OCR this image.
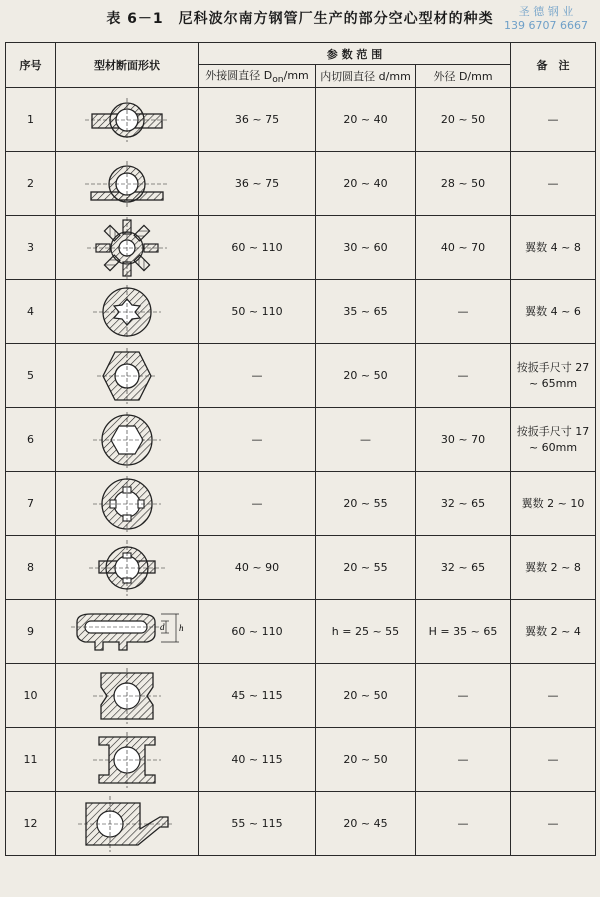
表 6－1　尼科波尔南方钢管厂生产的部分空心型材的种类	圣 德 钢 业
139 6707 6667
序号	型材断面形状	参 数 范 围			备　注
		外接圆直径 $D_{on}/mm$	内切圆直径 d/mm	外径 D/mm	
1		36 ~ 75	20 ~ 40	20 ~ 50	—
2		36 ~ 75	20 ~ 40	28 ~ 50	—
3		60 ~ 110	30 ~ 60	40 ~ 70	翼数 4 ~ 8
4		50 ~ 110	35 ~ 65	—	翼数 4 ~ 6
5		—	20 ~ 50	—	按扳手尺寸 27 ~ 65mm
6		—	—	30 ~ 70	按扳手尺寸 17 ~ 60mm
7		—	20 ~ 55	32 ~ 65	翼数 2 ~ 10
8		40 ~ 90	20 ~ 55	32 ~ 65	翼数 2 ~ 8
9	d h	60 ~ 110	h = 25 ~ 55	H = 35 ~ 65	翼数 2 ~ 4
10		45 ~ 115	20 ~ 50	—	—
11		40 ~ 115	20 ~ 50	—	—
12		55 ~ 115	20 ~ 45	—	—
